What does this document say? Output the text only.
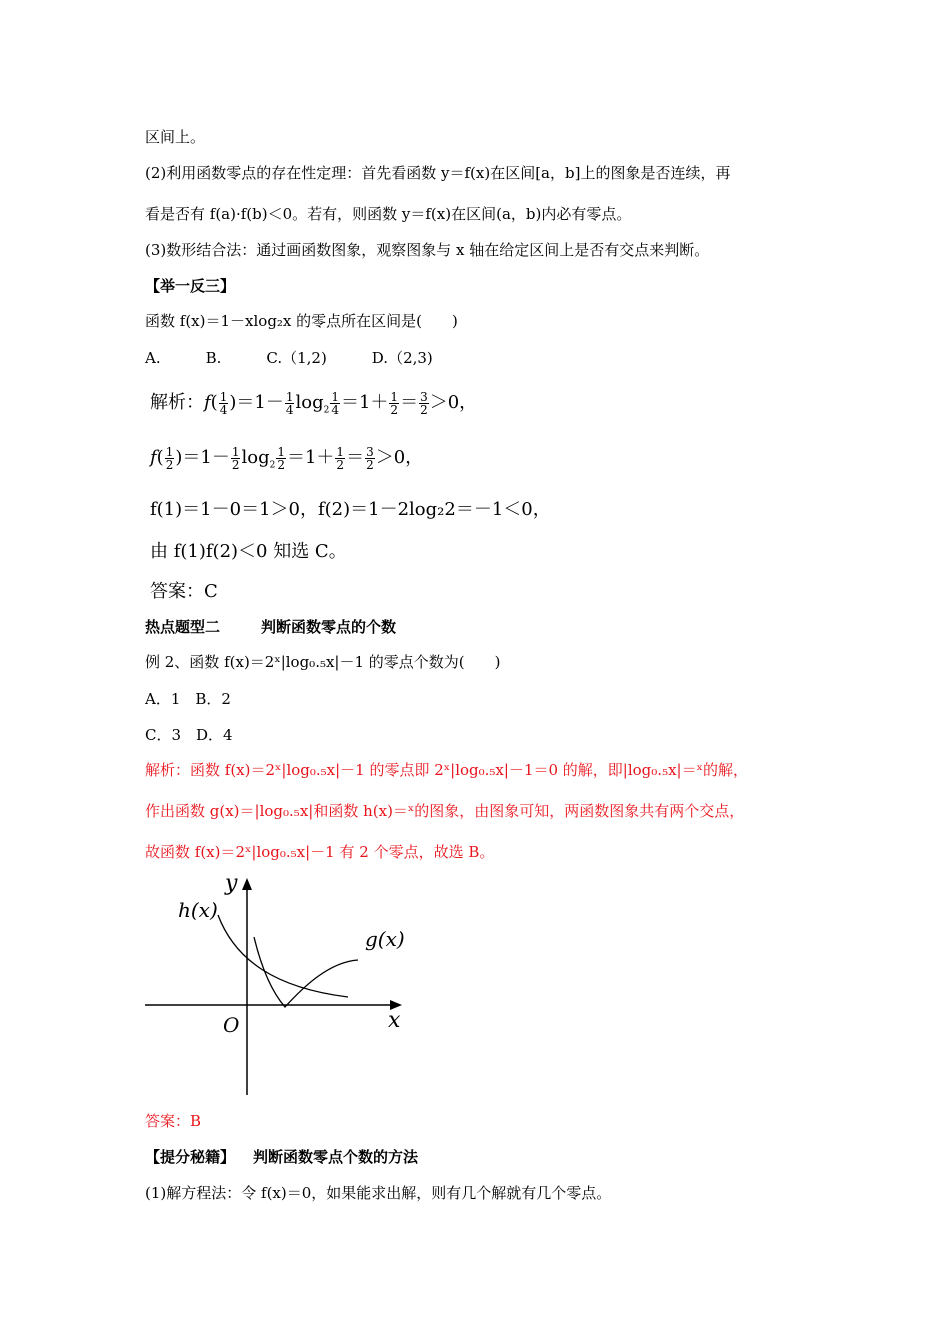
区间上。
(2)利用函数零点的存在性定理：首先看函数 y＝f(x)在区间[a，b]上的图象是否连续，再
看是否有 f(a)·f(b)＜0。若有，则函数 y＝f(x)在区间(a，b)内必有零点。
(3)数形结合法：通过画函数图象，观察图象与 x 轴在给定区间上是否有交点来判断。
【举一反三】
函数 f(x)＝1－xlog₂x 的零点所在区间是(　　)
A.　　　B.　　　C.（1,2)　　　D.（2,3)
解析：$f( \frac{1}{4} )=1- \frac{1}{4} \log_2 \frac{1}{4} =1+ \frac{1}{2} = \frac{3}{2} >0$，
$f( \frac{1}{2} )=1- \frac{1}{2} \log_2 \frac{1}{2} =1+ \frac{1}{2} = \frac{3}{2} >0$，
f(1)＝1－0＝1＞0，f(2)＝1－2log₂2＝－1＜0，
由 f(1)f(2)＜0 知选 C。
答案：C
热点题型二	判断函数零点的个数
例 2、函数 f(x)＝2ˣ|log₀.₅x|－1 的零点个数为(　　)
A．1　B．2
C．3　D．4
解析：函数 f(x)＝2ˣ|log₀.₅x|－1 的零点即 2ˣ|log₀.₅x|－1＝0 的解，即|log₀.₅x|＝ˣ的解，
作出函数 g(x)＝|log₀.₅x|和函数 h(x)＝ˣ的图象，由图象可知，两函数图象共有两个交点，
故函数 f(x)＝2ˣ|log₀.₅x|－1 有 2 个零点，故选 B。
y
x
O
h(x)
g(x)
答案：B
【提分秘籍】 判断函数零点个数的方法
(1)解方程法：令 f(x)＝0，如果能求出解，则有几个解就有几个零点。
